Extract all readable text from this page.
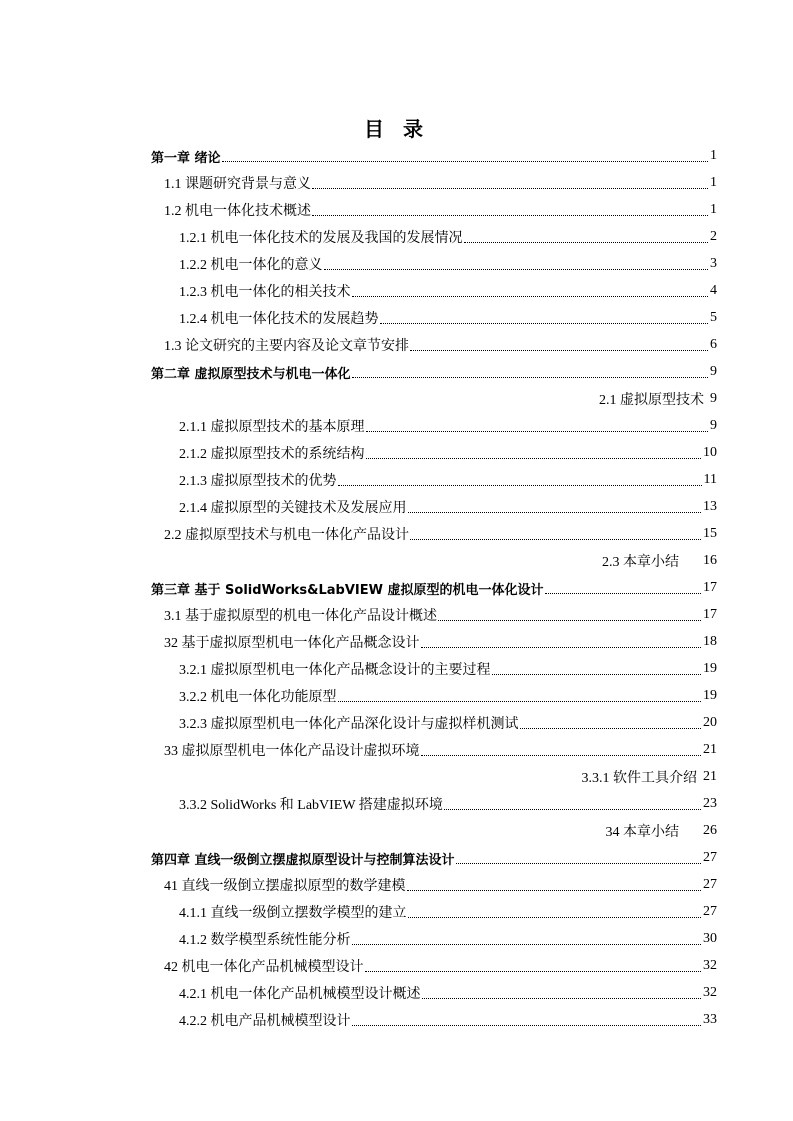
目 录
第一章 绪论	1
1.1 课题研究背景与意义	1
1.2 机电一体化技术概述	1
1.2.1 机电一体化技术的发展及我国的发展情况	2
1.2.2 机电一体化的意义	3
1.2.3 机电一体化的相关技术	4
1.2.4 机电一体化技术的发展趋势	5
1.3 论文研究的主要内容及论文章节安排	6
第二章 虚拟原型技术与机电一体化	9
2.1 虚拟原型技术 9
2.1.1 虚拟原型技术的基本原理	9
2.1.2 虚拟原型技术的系统结构	10
2.1.3 虚拟原型技术的优势	11
2.1.4 虚拟原型的关键技术及发展应用	13
2.2 虚拟原型技术与机电一体化产品设计	15
2.3 本章小结 16
第三章 基于 SolidWorks&LabVIEW 虚拟原型的机电一体化设计	17
3.1 基于虚拟原型的机电一体化产品设计概述	17
32 基于虚拟原型机电一体化产品概念设计	18
3.2.1 虚拟原型机电一体化产品概念设计的主要过程	19
3.2.2 机电一体化功能原型	19
3.2.3 虚拟原型机电一体化产品深化设计与虚拟样机测试	20
33 虚拟原型机电一体化产品设计虚拟环境	21
3.3.1 软件工具介绍 21
3.3.2 SolidWorks 和 LabVIEW 搭建虚拟环境	23
34 本章小结 26
第四章 直线一级倒立摆虚拟原型设计与控制算法设计	27
41 直线一级倒立摆虚拟原型的数学建模	27
4.1.1 直线一级倒立摆数学模型的建立	27
4.1.2 数学模型系统性能分析	30
42 机电一体化产品机械模型设计	32
4.2.1 机电一体化产品机械模型设计概述	32
4.2.2 机电产品机械模型设计	33
